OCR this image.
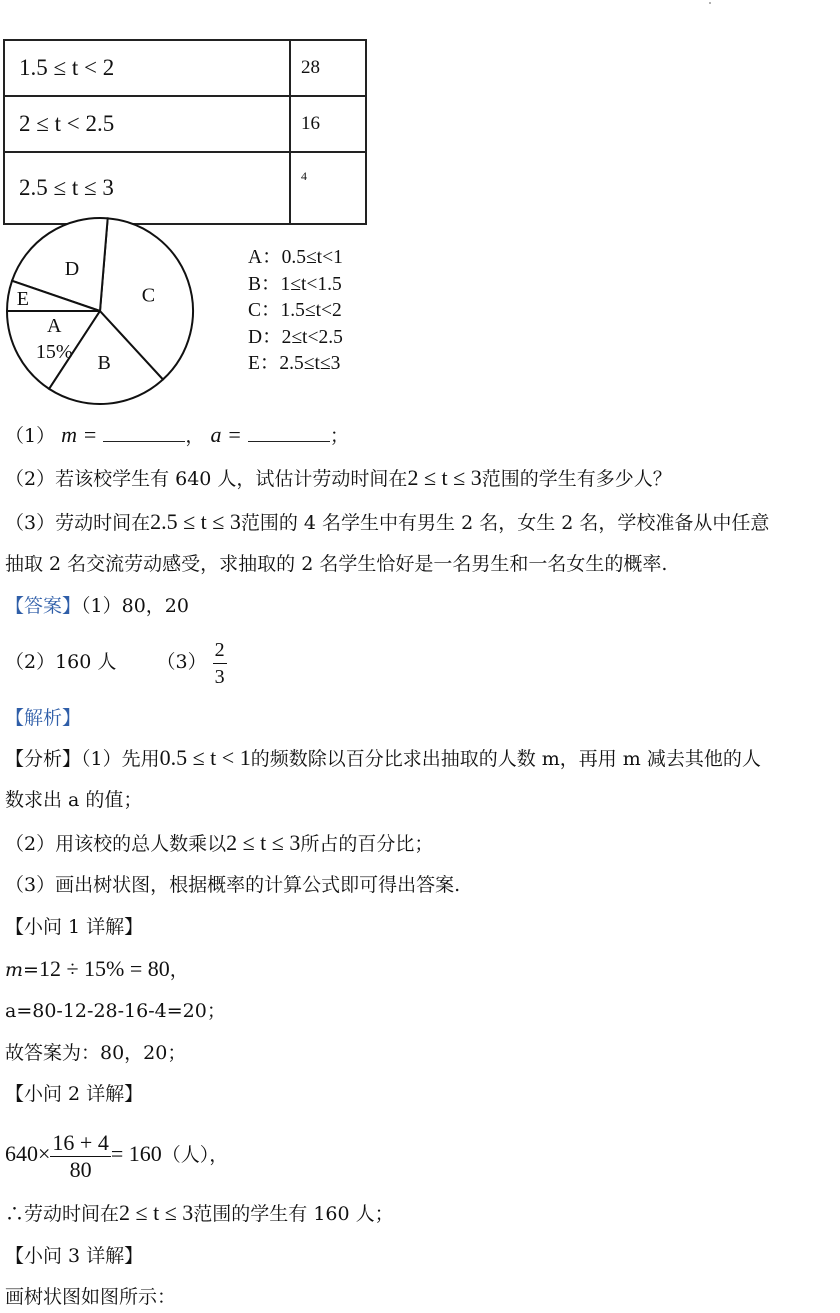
1.5 ≤ t < 2	28
2 ≤ t < 2.5	16
2.5 ≤ t ≤ 3	4
A
15%
B
C
D
E
A：0.5≤t<1
B：1≤t<1.5
C：1.5≤t<2
D：2≤t<2.5
E：2.5≤t≤3
（1） m =	， a =	；
（2）若该校学生有 640 人，试估计劳动时间在2 ≤ t ≤ 3范围的学生有多少人？
（3）劳动时间在2.5 ≤ t ≤ 3范围的 4 名学生中有男生 2 名，女生 2 名，学校准备从中任意
抽取 2 名交流劳动感受，求抽取的 2 名学生恰好是一名男生和一名女生的概率.
【答案】（1）80，20
（2）160 人 $(3) \frac{2}{3}$
【解析】
【分析】（1）先用0.5 ≤ t < 1的频数除以百分比求出抽取的人数 m，再用 m 减去其他的人
数求出 a 的值；
（2）用该校的总人数乘以2 ≤ t ≤ 3所占的百分比；
（3）画出树状图，根据概率的计算公式即可得出答案.
【小问 1 详解】
m=12 ÷ 15% = 80，
a=80-12-28-16-4=20；
故答案为：80，20；
【小问 2 详解】
$640\times \frac{16 + 4}{80} = 160$（人），
∴劳动时间在2 ≤ t ≤ 3范围的学生有 160 人；
【小问 3 详解】
画树状图如图所示：
